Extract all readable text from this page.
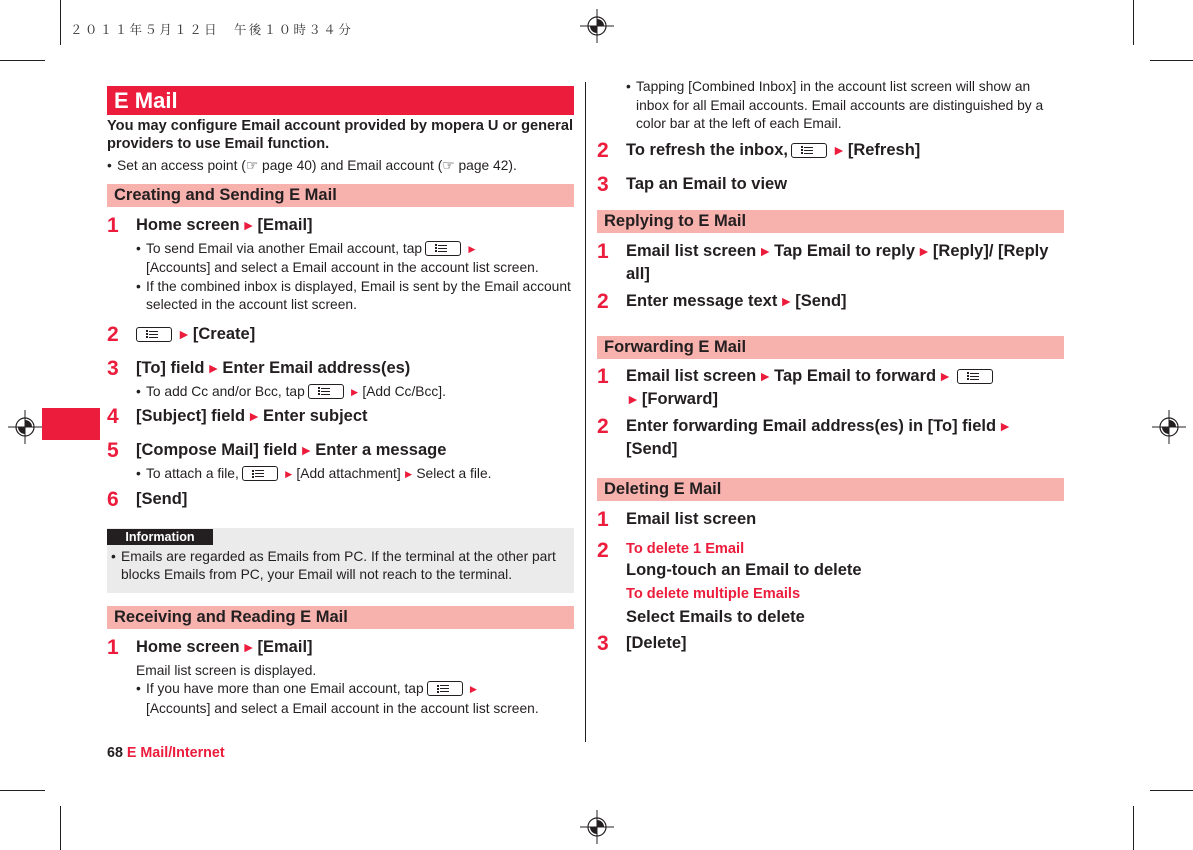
２０１１年５月１２日　午後１０時３４分
E Mail

You may configure Email account provided by mopera U or general providers to use Email function.

• Set an access point (☞ page 40) and Email account (☞ page 42).
Creating and Sending E Mail
1 Home screen ► [Email]
• To send Email via another Email account, tap	►
[Accounts] and select a Email account in the account list screen.
• If the combined inbox is displayed, Email is sent by the Email account selected in the account list screen.
2	► [Create]
3 [To] field ► Enter Email address(es)
• To add Cc and/or Bcc, tap	► [Add Cc/Bcc].
4 [Subject] field ► Enter subject
5 [Compose Mail] field ► Enter a message
• To attach a file,	► [Add attachment] ► Select a file.
6 [Send]
Information
• Emails are regarded as Emails from PC. If the terminal at the other part blocks Emails from PC, your Email will not reach to the terminal.
Receiving and Reading E Mail
1 Home screen ► [Email]
Email list screen is displayed.
• If you have more than one Email account, tap	►
[Accounts] and select a Email account in the account list screen.
• Tapping [Combined Inbox] in the account list screen will show an inbox for all Email accounts. Email accounts are distinguished by a color bar at the left of each Email.
2 To refresh the inbox,	► [Refresh]
3 Tap an Email to view
Replying to E Mail
1 Email list screen ► Tap Email to reply ► [Reply]/ [Reply all]
2 Enter message text ► [Send]
Forwarding E Mail
1 Email list screen ► Tap Email to forward ►
► [Forward]
2 Enter forwarding Email address(es) in [To] field ►
[Send]
Deleting E Mail
1 Email list screen
2 To delete 1 Email
Long-touch an Email to delete
To delete multiple Emails
Select Emails to delete
3 [Delete]
68 E Mail/Internet
